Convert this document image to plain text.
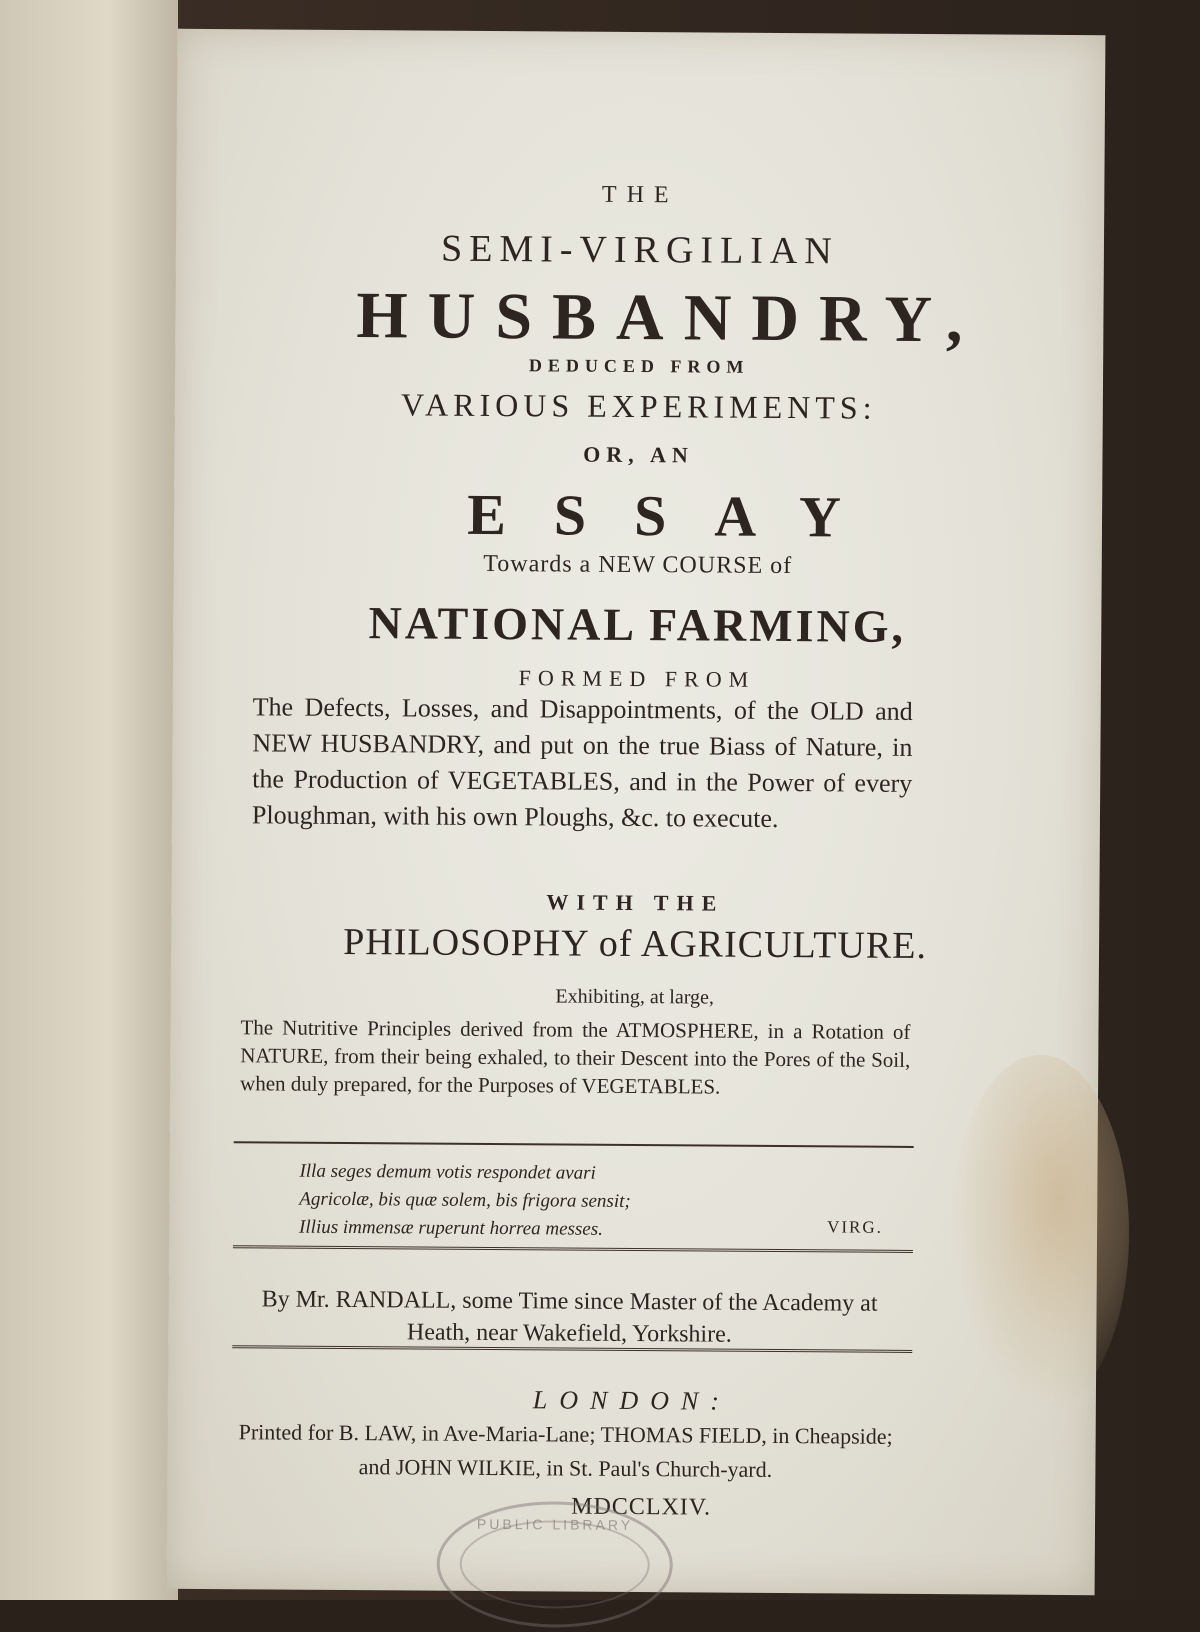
THE
SEMI-VIRGILIAN
HUSBANDRY,
DEDUCED FROM
VARIOUS EXPERIMENTS:
OR, AN
ESSAY
Towards a NEW COURSE of
NATIONAL FARMING,
FORMED FROM
The Defects, Losses, and Disappointments, of the OLD and NEW HUSBANDRY, and put on the true Biass of Nature, in the Production of VEGETABLES, and in the Power of every Ploughman, with his own Ploughs, &c. to execute.
WITH THE
PHILOSOPHY of AGRICULTURE.
Exhibiting, at large,
The Nutritive Principles derived from the ATMOSPHERE, in a Rotation of NATURE, from their being exhaled, to their Descent into the Pores of the Soil, when duly prepared, for the Purposes of VEGETABLES.
Illa seges demum votis respondet avari
Agricolæ, bis quæ solem, bis frigora sensit;
Illius immensæ ruperunt horrea messes.	VIRG.
By Mr. RANDALL, some Time since Master of the Academy at Heath, near Wakefield, Yorkshire.
LONDON:
Printed for B. LAW, in Ave-Maria-Lane; THOMAS FIELD, in Cheapside; and JOHN WILKIE, in St. Paul's Church-yard.
MDCCLXIV.
PUBLIC LIBRARY
